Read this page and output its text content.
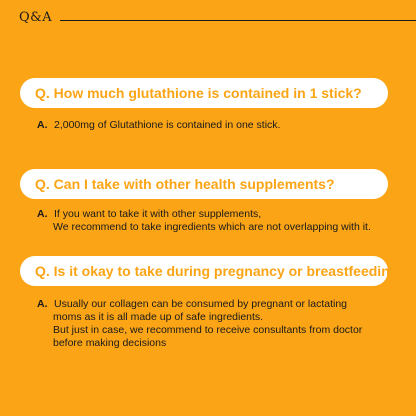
Q&A
Q. How much glutathione is contained in 1 stick?
A. 2,000mg of Glutathione is contained in one stick.
Q. Can I take with other health supplements?
A. If you want to take it with other supplements,
We recommend to take ingredients which are not overlapping with it.
Q. Is it okay to take during pregnancy or breastfeeding?
A. Usually our collagen can be consumed by pregnant or lactating
moms as it is all made up of safe ingredients.
But just in case, we recommend to receive consultants from doctor
before making decisions
